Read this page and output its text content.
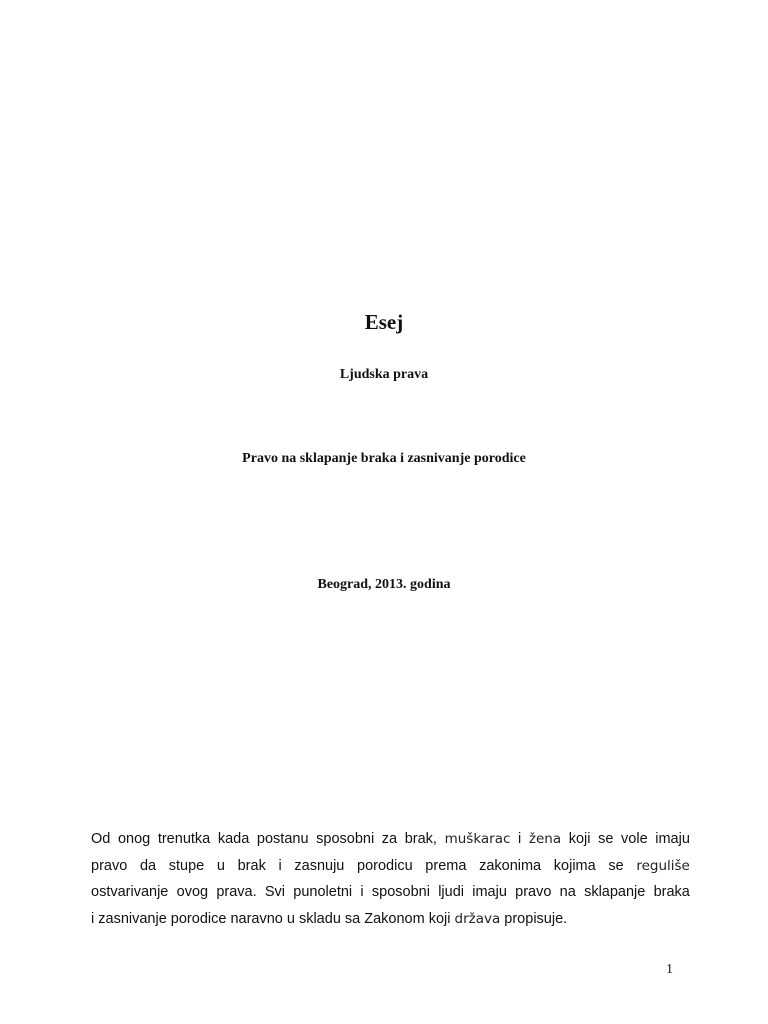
Esej
Ljudska prava
Pravo na sklapanje braka i zasnivanje porodice
Beograd, 2013. godina
Od onog trenutka kada postanu sposobni za brak, muškarac i žena koji se vole imaju
pravo da stupe u brak i zasnuju porodicu prema zakonima kojima se reguliše
ostvarivanje ovog prava. Svi punoletni i sposobni ljudi imaju pravo na sklapanje braka
i zasnivanje porodice naravno u skladu sa Zakonom koji država propisuje.
1
